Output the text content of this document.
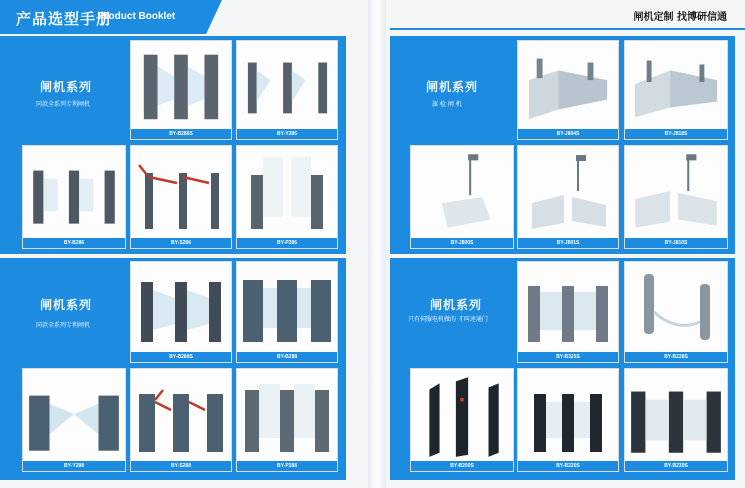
产品选型手册
Product Booklet	闸机定制 找博研信通
闸机系列
同款全系列专利闸机
闸机系列
同款全系列专利闸机
闸机系列
旗 检 闸 机
闸机系列
只有伺服电机做的 才叫速通门
BY-B286S	BY-Y286
BY-B286	BY-S286	BY-P286
BY-B288S	BY-B288
BY-Y288	BY-S288	BY-P288
BY-J804S	BY-J818S
BY-J800S	BY-J801S	BY-J810S
BY-B325S	BY-B228S
BY-B200S	BY-B220S	BY-B239S
